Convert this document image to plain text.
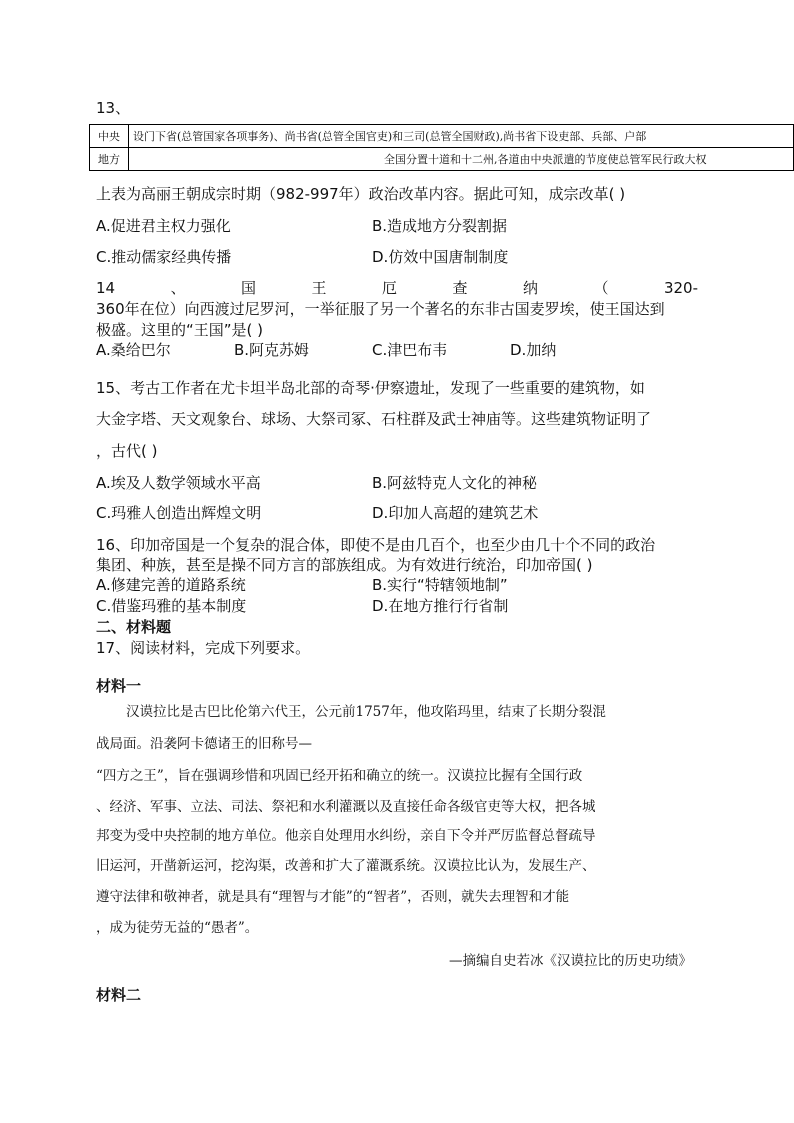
13、
中央	设门下省(总管国家各项事务)、尚书省(总管全国官吏)和三司(总管全国财政),尚书省下设吏部、兵部、户部
地方	全国分置十道和十二州,各道由中央派遣的节度使总管军民行政大权
上表为高丽王朝成宗时期（982-997年）政治改革内容。据此可知，成宗改革( )
A.促进君主权力强化	B.造成地方分裂割据
C.推动儒家经典传播	D.仿效中国唐制制度
14	、	国	王	厄	查	纳	（	320-
360年在位）向西渡过尼罗河，一举征服了另一个著名的东非古国麦罗埃，使王国达到
极盛。这里的“王国”是( )
A.桑给巴尔	B.阿克苏姆	C.津巴布韦	D.加纳
15、考古工作者在尤卡坦半岛北部的奇琴·伊察遗址，发现了一些重要的建筑物，如
大金字塔、天文观象台、球场、大祭司冢、石柱群及武士神庙等。这些建筑物证明了
，古代( )
A.埃及人数学领域水平高	B.阿兹特克人文化的神秘
C.玛雅人创造出辉煌文明	D.印加人高超的建筑艺术
16、印加帝国是一个复杂的混合体，即使不是由几百个，也至少由几十个不同的政治
集团、种族，甚至是操不同方言的部族组成。为有效进行统治，印加帝国( )
A.修建完善的道路系统	B.实行“特辖领地制”
C.借鉴玛雅的基本制度	D.在地方推行行省制
二、材料题
17、阅读材料，完成下列要求。
材料一
汉谟拉比是古巴比伦第六代王，公元前1757年，他攻陷玛里，结束了长期分裂混
战局面。沿袭阿卡德诸王的旧称号—
“四方之王”，旨在强调珍惜和巩固已经开拓和确立的统一。汉谟拉比握有全国行政
、经济、军事、立法、司法、祭祀和水利灌溉以及直接任命各级官吏等大权，把各城
邦变为受中央控制的地方单位。他亲自处理用水纠纷，亲自下令并严厉监督总督疏导
旧运河，开凿新运河，挖沟渠，改善和扩大了灌溉系统。汉谟拉比认为，发展生产、
遵守法律和敬神者，就是具有“理智与才能”的“智者”，否则，就失去理智和才能
，成为徒劳无益的“愚者”。
—摘编自史若冰《汉谟拉比的历史功绩》
材料二
